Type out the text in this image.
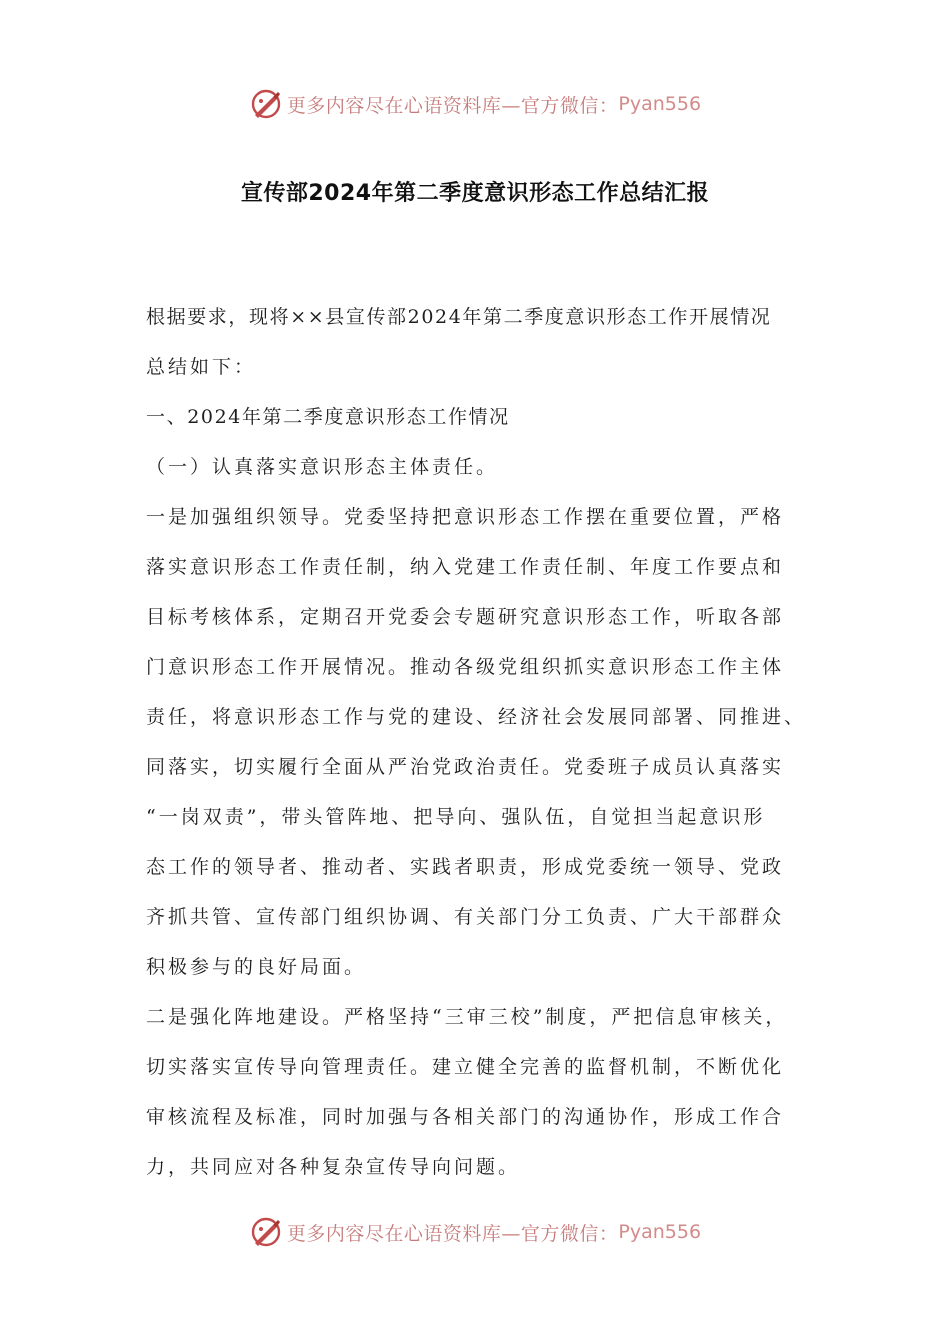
更多内容尽在心语资料库—官方微信： Pyan556
宣传部2024年第二季度意识形态工作总结汇报
根据要求，现将××县宣传部2024年第二季度意识形态工作开展情况
总结如下：
一、2024年第二季度意识形态工作情况
（一）认真落实意识形态主体责任。
一是加强组织领导。党委坚持把意识形态工作摆在重要位置，严格
落实意识形态工作责任制，纳入党建工作责任制、年度工作要点和
目标考核体系，定期召开党委会专题研究意识形态工作，听取各部
门意识形态工作开展情况。推动各级党组织抓实意识形态工作主体
责任，将意识形态工作与党的建设、经济社会发展同部署、同推进、
同落实，切实履行全面从严治党政治责任。党委班子成员认真落实
“一岗双责”，带头管阵地、把导向、强队伍，自觉担当起意识形
态工作的领导者、推动者、实践者职责，形成党委统一领导、党政
齐抓共管、宣传部门组织协调、有关部门分工负责、广大干部群众
积极参与的良好局面。
二是强化阵地建设。严格坚持“三审三校”制度，严把信息审核关，
切实落实宣传导向管理责任。建立健全完善的监督机制，不断优化
审核流程及标准，同时加强与各相关部门的沟通协作，形成工作合
力，共同应对各种复杂宣传导向问题。
更多内容尽在心语资料库—官方微信： Pyan556
